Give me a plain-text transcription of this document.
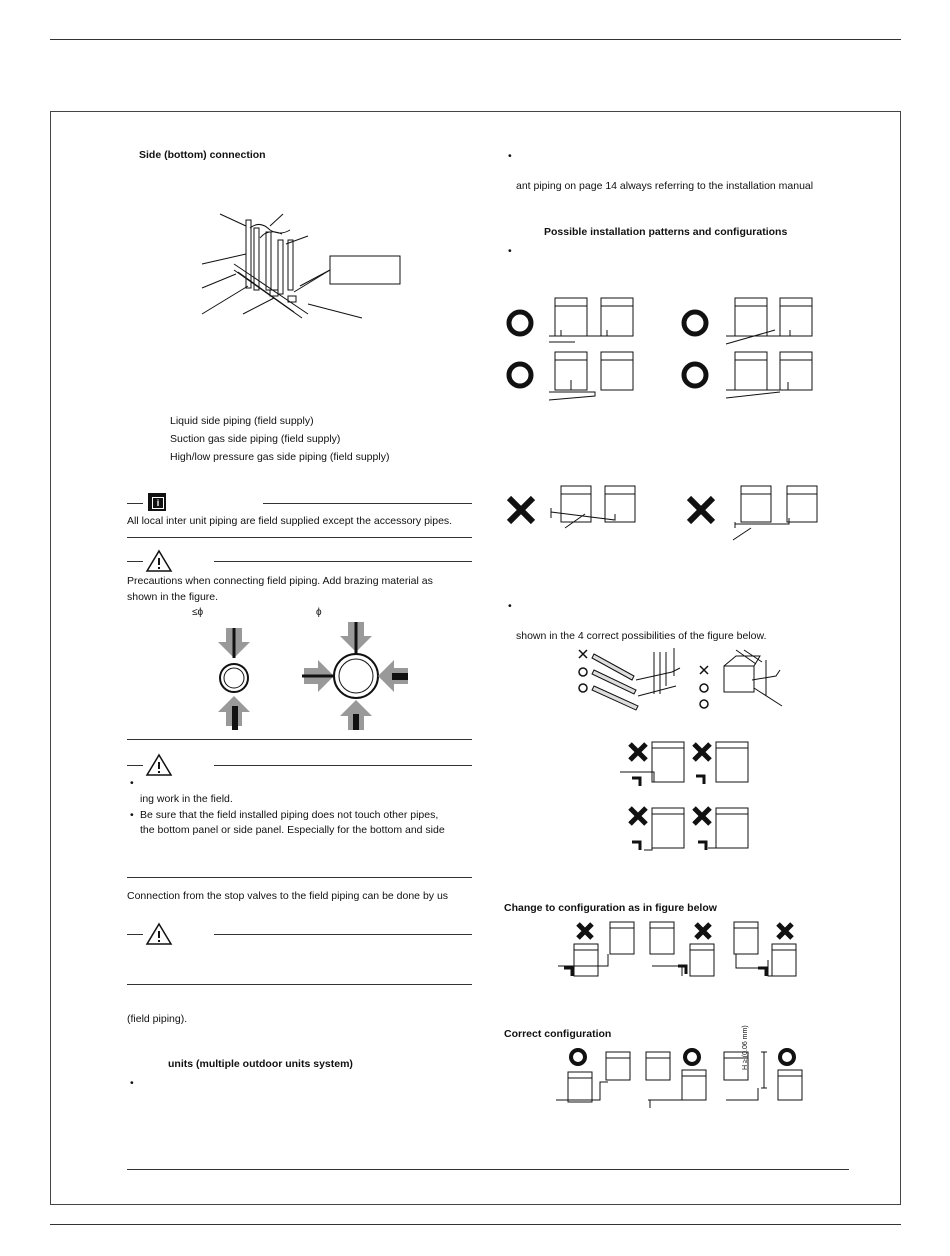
Side (bottom) connection
Liquid side piping (field supply)
Suction gas side piping (field supply)
High/low pressure gas side piping (field supply)
i
All local inter unit piping are field supplied except the accessory pipes.
Precautions when connecting field piping. Add brazing material as
shown in the figure.
≤ϕ	ϕ
•
ing work in the field.
• Be sure that the field installed piping does not touch other pipes,
the bottom panel or side panel. Especially for the bottom and side
Connection from the stop valves to the field piping can be done by us
(field piping).
units (multiple outdoor units system)
•
•
ant piping on page 14 always referring to the installation manual
Possible installation patterns and configurations
•
•
shown in the 4 correct possibilities of the figure below.
Change to configuration as in figure below
Correct configuration	H ≥ (0.06 mm)
